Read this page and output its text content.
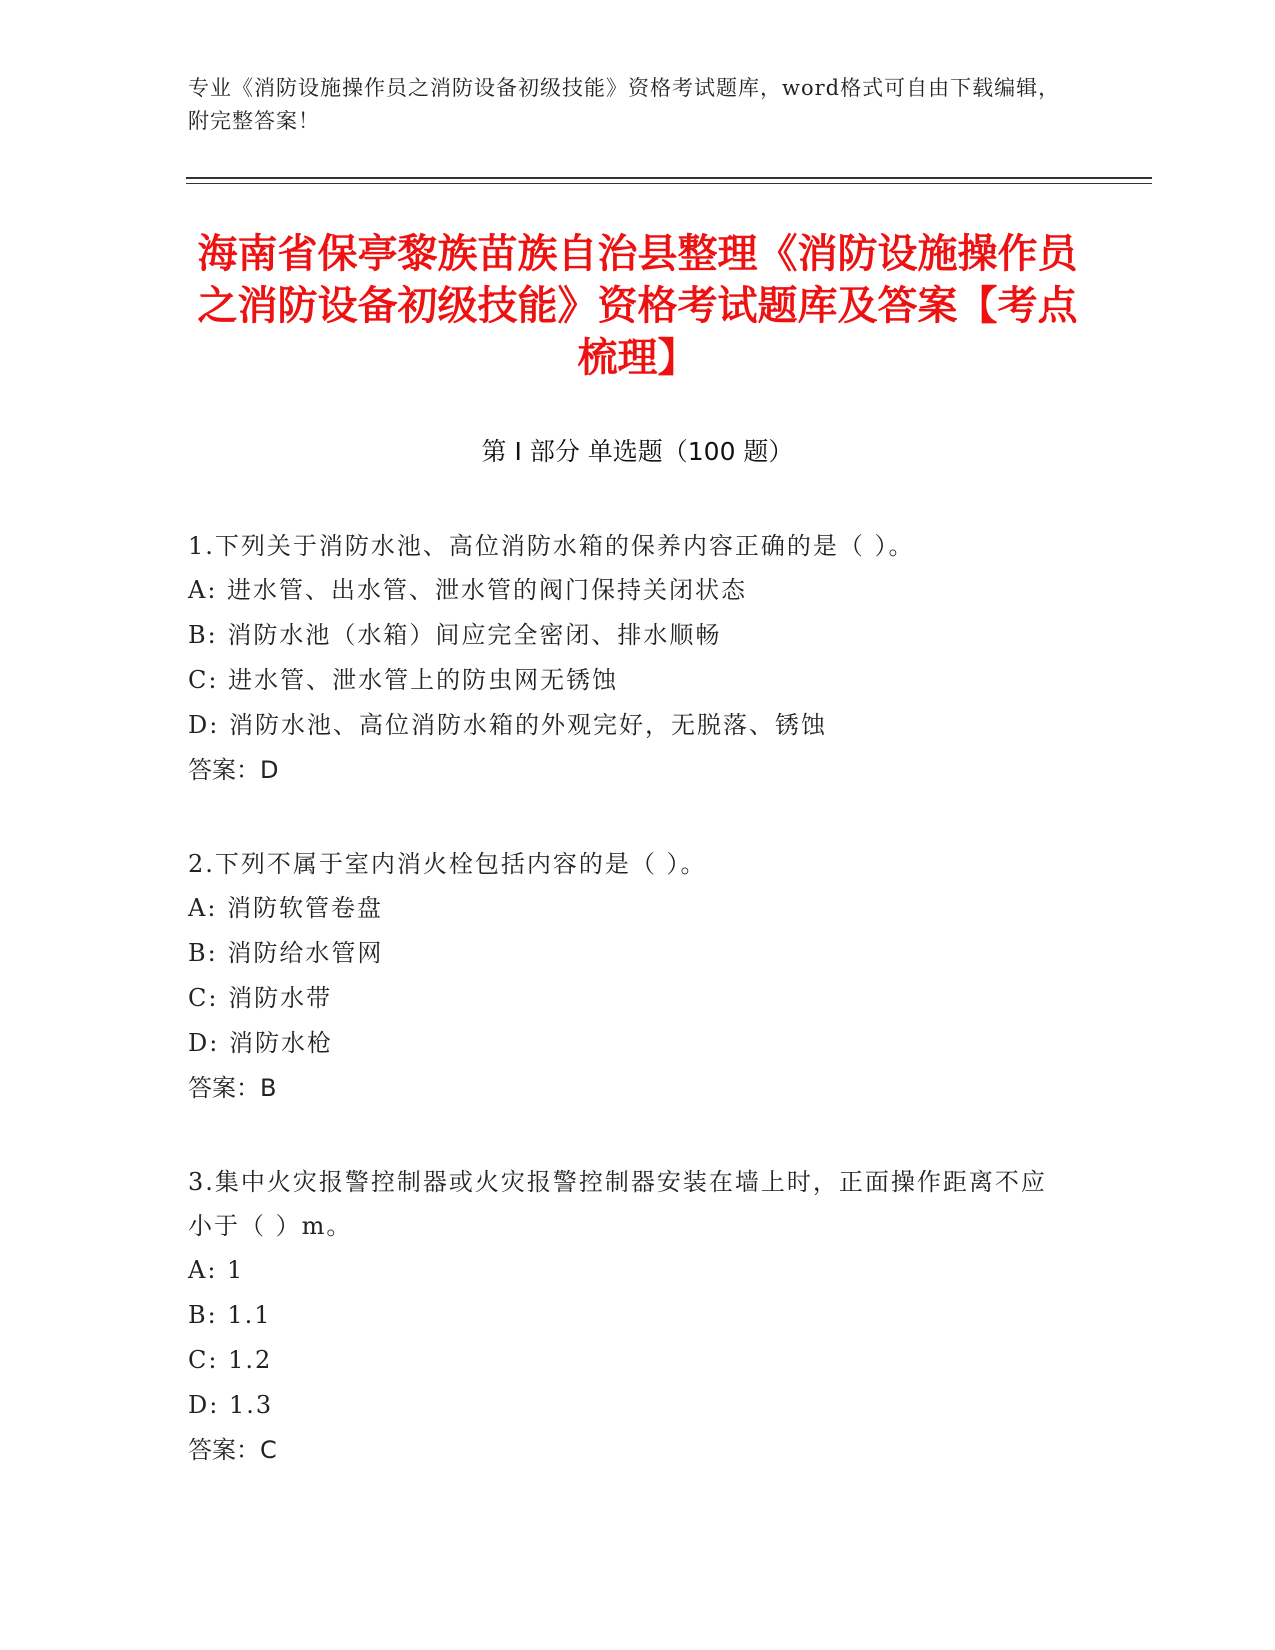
专业《消防设施操作员之消防设备初级技能》资格考试题库，word格式可自由下载编辑，附完整答案！
海南省保亭黎族苗族自治县整理《消防设施操作员之消防设备初级技能》资格考试题库及答案【考点梳理】
第 I 部分 单选题（100 题）

1.下列关于消防水池、高位消防水箱的保养内容正确的是（ ）。

A: 进水管、出水管、泄水管的阀门保持关闭状态

B: 消防水池（水箱）间应完全密闭、排水顺畅

C: 进水管、泄水管上的防虫网无锈蚀

D: 消防水池、高位消防水箱的外观完好，无脱落、锈蚀

答案：D

2.下列不属于室内消火栓包括内容的是（ ）。

A: 消防软管卷盘

B: 消防给水管网

C: 消防水带

D: 消防水枪

答案：B

3.集中火灾报警控制器或火灾报警控制器安装在墙上时，正面操作距离不应小于（ ）m。

A: 1

B: 1.1

C: 1.2

D: 1.3

答案：C
